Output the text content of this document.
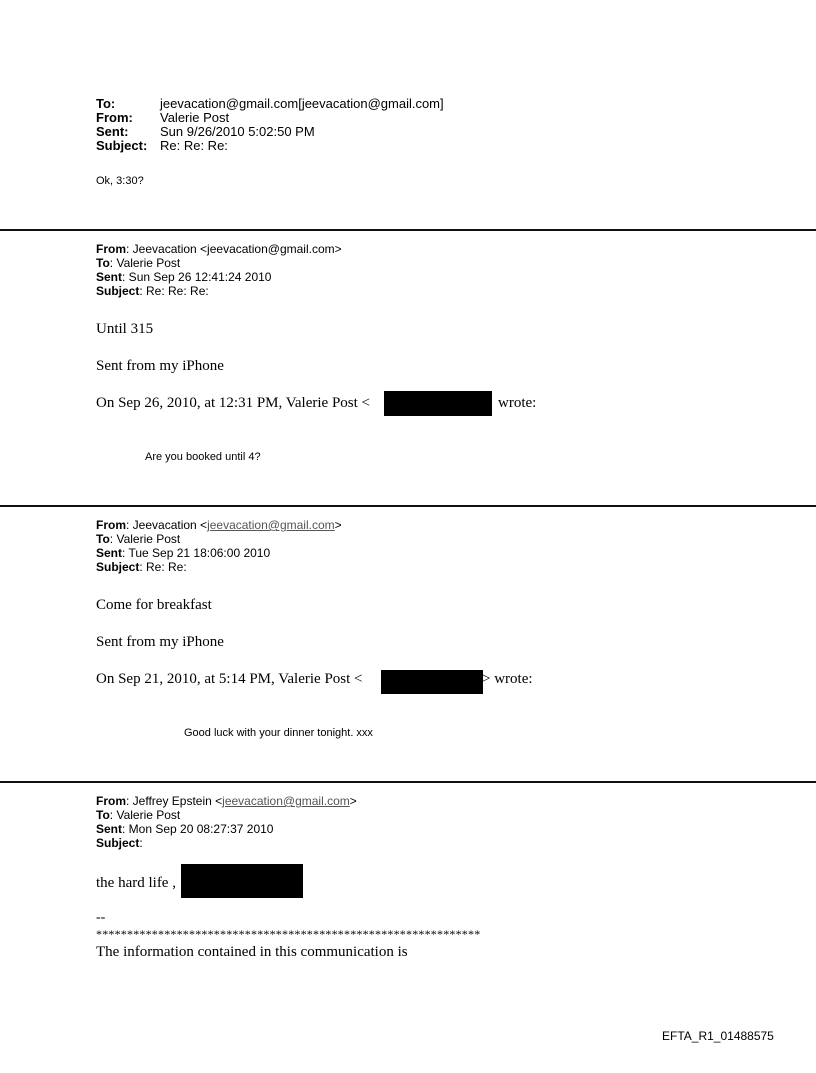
To:	jeevacation@gmail.com[jeevacation@gmail.com]
From: Valerie Post
Sent: Sun 9/26/2010 5:02:50 PM
Subject: Re: Re: Re:
Ok, 3:30?
From: Jeevacation <jeevacation@gmail.com>
To: Valerie Post
Sent: Sun Sep 26 12:41:24 2010
Subject: Re: Re: Re:
Until 315
Sent from my iPhone
On Sep 26, 2010, at 12:31 PM, Valerie Post <	wrote:
Are you booked until 4?
From: Jeevacation <jeevacation@gmail.com>
To: Valerie Post
Sent: Tue Sep 21 18:06:00 2010
Subject: Re: Re:
Come for breakfast
Sent from my iPhone
On Sep 21, 2010, at 5:14 PM, Valerie Post <	> wrote:
Good luck with your dinner tonight. xxx
From: Jeffrey Epstein <jeevacation@gmail.com>
To: Valerie Post
Sent: Mon Sep 20 08:27:37 2010
Subject:
the hard life ,
--
**************************************************************
The information contained in this communication is
EFTA_R1_01488575
